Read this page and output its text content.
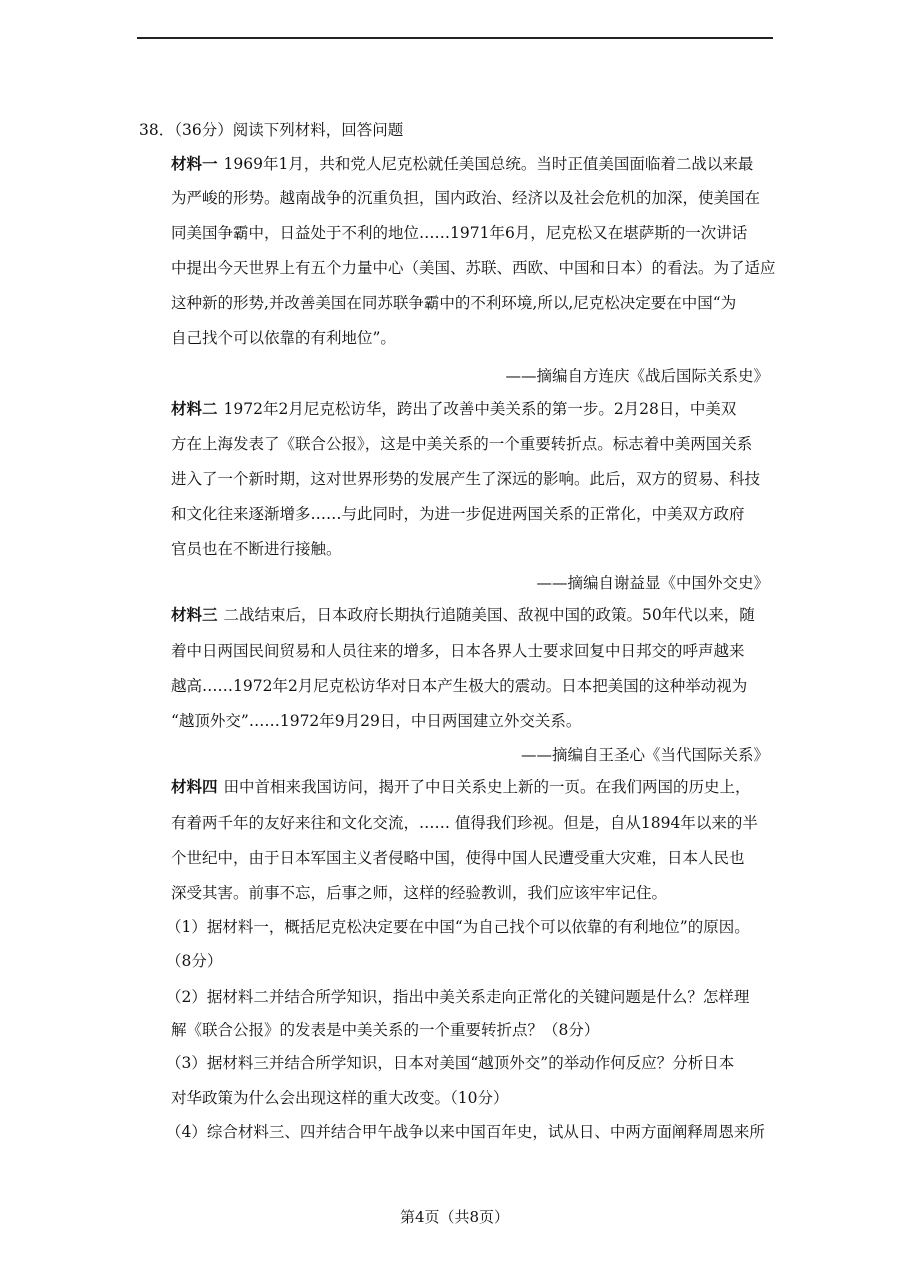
38．（36分）阅读下列材料，回答问题
材料一 1969年1月，共和党人尼克松就任美国总统。当时正值美国面临着二战以来最
为严峻的形势。越南战争的沉重负担，国内政治、经济以及社会危机的加深，使美国在
同美国争霸中，日益处于不利的地位……1971年6月，尼克松又在堪萨斯的一次讲话
中提出今天世界上有五个力量中心（美国、苏联、西欧、中国和日本）的看法。为了适应
这种新的形势,并改善美国在同苏联争霸中的不利环境,所以,尼克松决定要在中国“为
自己找个可以依靠的有利地位”。
——摘编自方连庆《战后国际关系史》
材料二 1972年2月尼克松访华，跨出了改善中美关系的第一步。2月28日，中美双
方在上海发表了《联合公报》，这是中美关系的一个重要转折点。标志着中美两国关系
进入了一个新时期，这对世界形势的发展产生了深远的影响。此后，双方的贸易、科技
和文化往来逐渐增多……与此同时，为进一步促进两国关系的正常化，中美双方政府
官员也在不断进行接触。
——摘编自谢益显《中国外交史》
材料三 二战结束后，日本政府长期执行追随美国、敌视中国的政策。50年代以来，随
着中日两国民间贸易和人员往来的增多，日本各界人士要求回复中日邦交的呼声越来
越高……1972年2月尼克松访华对日本产生极大的震动。日本把美国的这种举动视为
“越顶外交”……1972年9月29日，中日两国建立外交关系。
——摘编自王圣心《当代国际关系》
材料四 田中首相来我国访问，揭开了中日关系史上新的一页。在我们两国的历史上，
有着两千年的友好来往和文化交流，…… 值得我们珍视。但是，自从1894年以来的半
个世纪中，由于日本军国主义者侵略中国，使得中国人民遭受重大灾难，日本人民也
深受其害。前事不忘，后事之师，这样的经验教训，我们应该牢牢记住。
（1）据材料一，概括尼克松决定要在中国“为自己找个可以依靠的有利地位”的原因。
（8分）
（2）据材料二并结合所学知识，指出中美关系走向正常化的关键问题是什么？怎样理
解《联合公报》的发表是中美关系的一个重要转折点？（8分）
（3）据材料三并结合所学知识，日本对美国“越顶外交”的举动作何反应？分析日本
对华政策为什么会出现这样的重大改变。（10分）
（4）综合材料三、四并结合甲午战争以来中国百年史，试从日、中两方面阐释周恩来所
第4页（共8页）
